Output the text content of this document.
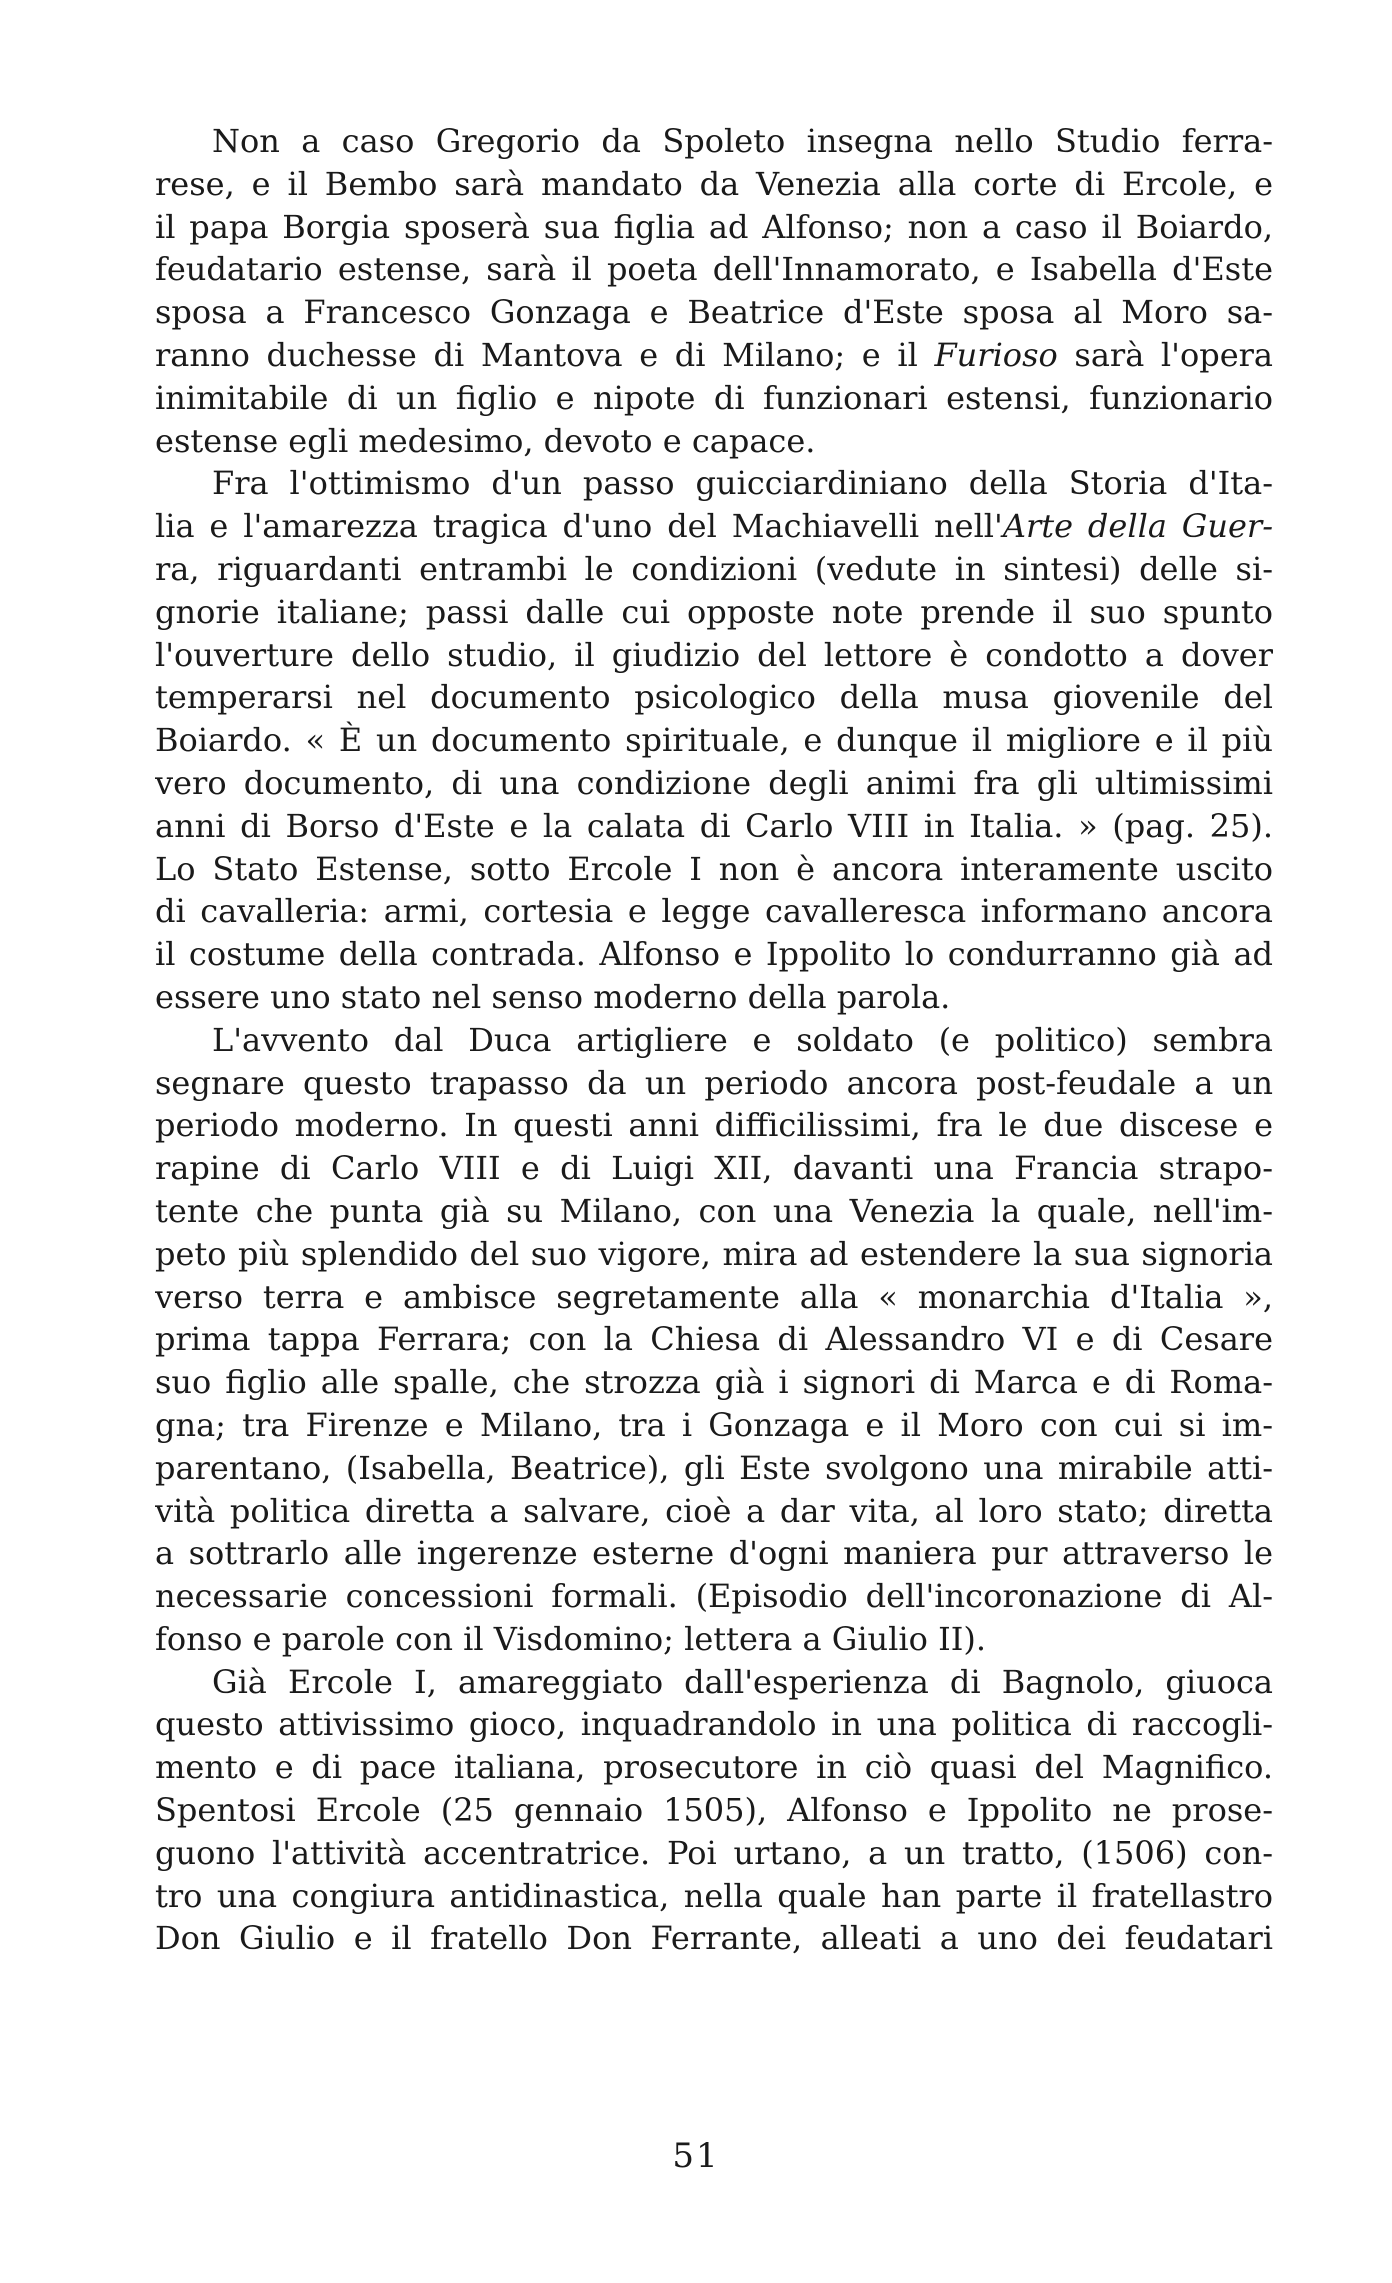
Non a caso Gregorio da Spoleto insegna nello Studio ferra-
rese, e il Bembo sarà mandato da Venezia alla corte di Ercole, e
il papa Borgia sposerà sua figlia ad Alfonso; non a caso il Boiardo,
feudatario estense, sarà il poeta dell'Innamorato, e Isabella d'Este
sposa a Francesco Gonzaga e Beatrice d'Este sposa al Moro sa-
ranno duchesse di Mantova e di Milano; e il Furioso sarà l'opera
inimitabile di un figlio e nipote di funzionari estensi, funzionario
estense egli medesimo, devoto e capace.
Fra l'ottimismo d'un passo guicciardiniano della Storia d'Ita-
lia e l'amarezza tragica d'uno del Machiavelli nell'Arte della Guer-
ra, riguardanti entrambi le condizioni (vedute in sintesi) delle si-
gnorie italiane; passi dalle cui opposte note prende il suo spunto
l'ouverture dello studio, il giudizio del lettore è condotto a dover
temperarsi nel documento psicologico della musa giovenile del
Boiardo. « È un documento spirituale, e dunque il migliore e il più
vero documento, di una condizione degli animi fra gli ultimissimi
anni di Borso d'Este e la calata di Carlo VIII in Italia. » (pag. 25).
Lo Stato Estense, sotto Ercole I non è ancora interamente uscito
di cavalleria: armi, cortesia e legge cavalleresca informano ancora
il costume della contrada. Alfonso e Ippolito lo condurranno già ad
essere uno stato nel senso moderno della parola.
L'avvento dal Duca artigliere e soldato (e politico) sembra
segnare questo trapasso da un periodo ancora post-feudale a un
periodo moderno. In questi anni difficilissimi, fra le due discese e
rapine di Carlo VIII e di Luigi XII, davanti una Francia strapo-
tente che punta già su Milano, con una Venezia la quale, nell'im-
peto più splendido del suo vigore, mira ad estendere la sua signoria
verso terra e ambisce segretamente alla « monarchia d'Italia »,
prima tappa Ferrara; con la Chiesa di Alessandro VI e di Cesare
suo figlio alle spalle, che strozza già i signori di Marca e di Roma-
gna; tra Firenze e Milano, tra i Gonzaga e il Moro con cui si im-
parentano, (Isabella, Beatrice), gli Este svolgono una mirabile atti-
vità politica diretta a salvare, cioè a dar vita, al loro stato; diretta
a sottrarlo alle ingerenze esterne d'ogni maniera pur attraverso le
necessarie concessioni formali. (Episodio dell'incoronazione di Al-
fonso e parole con il Visdomino; lettera a Giulio II).
Già Ercole I, amareggiato dall'esperienza di Bagnolo, giuoca
questo attivissimo gioco, inquadrandolo in una politica di raccogli-
mento e di pace italiana, prosecutore in ciò quasi del Magnifico.
Spentosi Ercole (25 gennaio 1505), Alfonso e Ippolito ne prose-
guono l'attività accentratrice. Poi urtano, a un tratto, (1506) con-
tro una congiura antidinastica, nella quale han parte il fratellastro
Don Giulio e il fratello Don Ferrante, alleati a uno dei feudatari
51
